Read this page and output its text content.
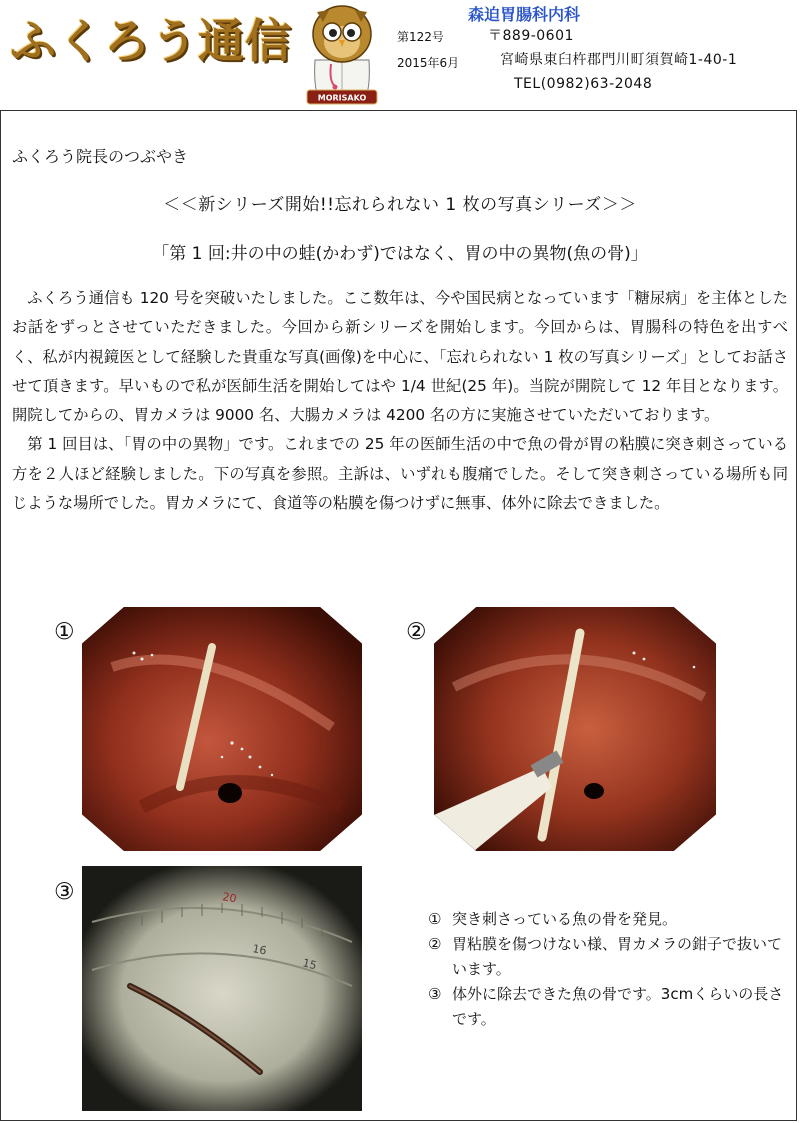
ふくろう通信
MORISAKO
第122号
2015年6月
森迫胃腸科内科
〒889-0601
宮崎県東臼杵郡門川町須賀崎1-40-1
TEL(0982)63-2048
ふくろう院長のつぶやき
＜＜新シリーズ開始!!忘れられない 1 枚の写真シリーズ＞＞
「第 1 回:井の中の蛙(かわず)ではなく、胃の中の異物(魚の骨)」

ふくろう通信も 120 号を突破いたしました。ここ数年は、今や国民病となっています「糖尿病」を主体としたお話をずっとさせていただきました。今回から新シリーズを開始します。今回からは、胃腸科の特色を出すべく、私が内視鏡医として経験した貴重な写真(画像)を中心に、「忘れられない 1 枚の写真シリーズ」としてお話させて頂きます。早いもので私が医師生活を開始してはや 1/4 世紀(25 年)。当院が開院して 12 年目となります。開院してからの、胃カメラは 9000 名、大腸カメラは 4200 名の方に実施させていただいております。

第 1 回目は、「胃の中の異物」です。これまでの 25 年の医師生活の中で魚の骨が胃の粘膜に突き刺さっている方を２人ほど経験しました。下の写真を参照。主訴は、いずれも腹痛でした。そして突き刺さっている場所も同じような場所でした。胃カメラにて、食道等の粘膜を傷つけずに無事、体外に除去できました。

①	②
③	20
16
15
① 突き刺さっている魚の骨を発見。
② 胃粘膜を傷つけない様、胃カメラの鉗子で抜いています。
③ 体外に除去できた魚の骨です。3cmくらいの長さです。
